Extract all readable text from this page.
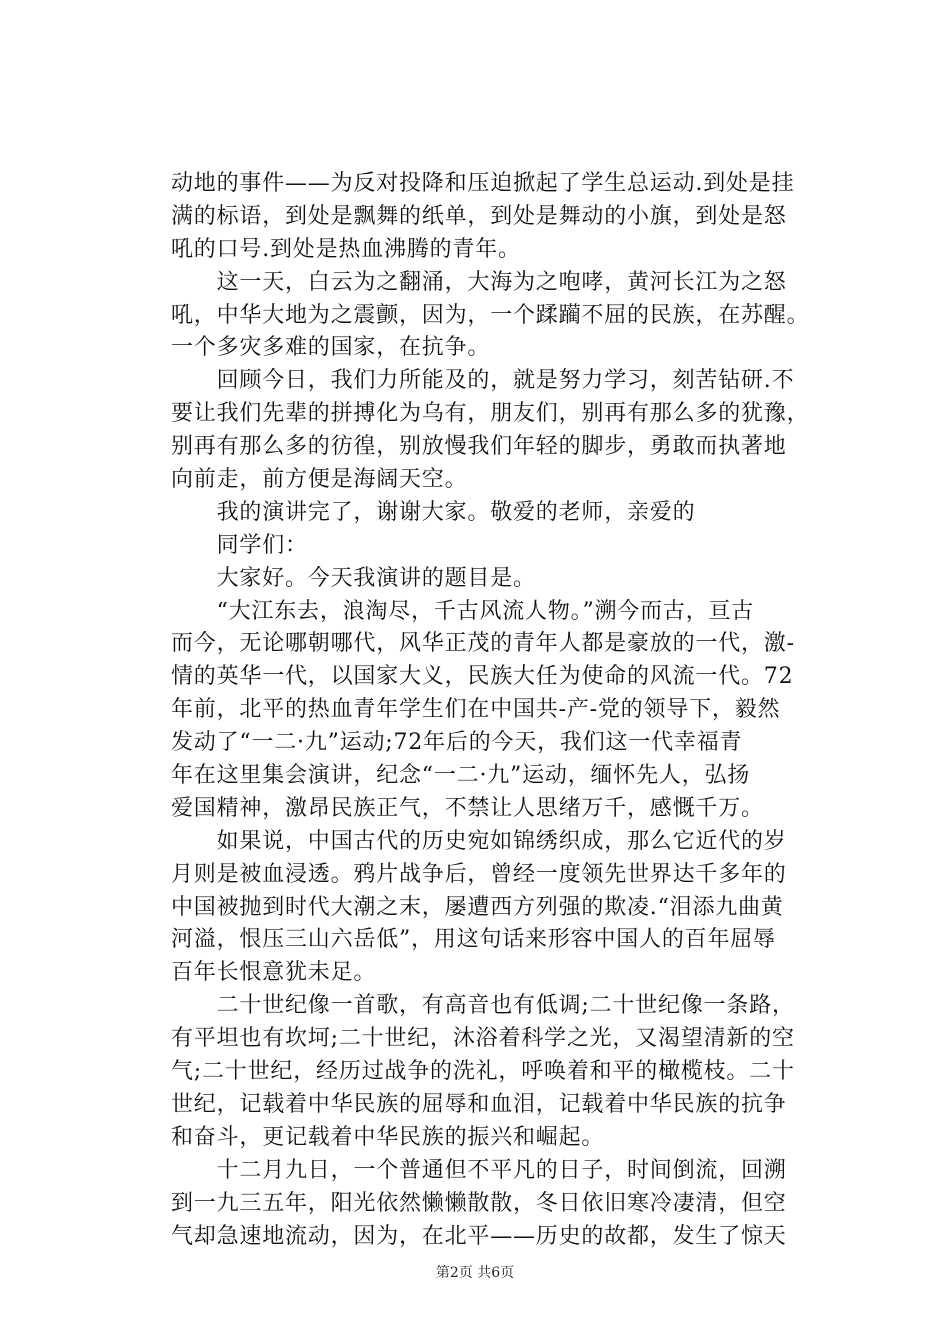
动地的事件——为反对投降和压迫掀起了学生总运动.到处是挂
满的标语，到处是飘舞的纸单，到处是舞动的小旗，到处是怒
吼的口号.到处是热血沸腾的青年。
　　这一天，白云为之翻涌，大海为之咆哮，黄河长江为之怒
吼，中华大地为之震颤，因为，一个蹂躏不屈的民族，在苏醒。
一个多灾多难的国家，在抗争。
　　回顾今日，我们力所能及的，就是努力学习，刻苦钻研.不
要让我们先辈的拼搏化为乌有，朋友们，别再有那么多的犹豫，
别再有那么多的彷徨，别放慢我们年轻的脚步，勇敢而执著地
向前走，前方便是海阔天空。
　　我的演讲完了，谢谢大家。敬爱的老师，亲爱的
　　同学们：
　　大家好。今天我演讲的题目是。
　　“大江东去，浪淘尽，千古风流人物。”溯今而古，亘古
而今，无论哪朝哪代，风华正茂的青年人都是豪放的一代，激-
情的英华一代，以国家大义，民族大任为使命的风流一代。72
年前，北平的热血青年学生们在中国共-产-党的领导下，毅然
发动了“一二·九”运动;72年后的今天，我们这一代幸福青
年在这里集会演讲，纪念“一二·九”运动，缅怀先人，弘扬
爱国精神，激昂民族正气，不禁让人思绪万千，感慨千万。
　　如果说，中国古代的历史宛如锦绣织成，那么它近代的岁
月则是被血浸透。鸦片战争后，曾经一度领先世界达千多年的
中国被抛到时代大潮之末，屡遭西方列强的欺凌.“泪添九曲黄
河溢，恨压三山六岳低”，用这句话来形容中国人的百年屈辱
百年长恨意犹未足。
　　二十世纪像一首歌，有高音也有低调;二十世纪像一条路，
有平坦也有坎坷;二十世纪，沐浴着科学之光，又渴望清新的空
气;二十世纪，经历过战争的洗礼，呼唤着和平的橄榄枝。二十
世纪，记载着中华民族的屈辱和血泪，记载着中华民族的抗争
和奋斗，更记载着中华民族的振兴和崛起。
　　十二月九日，一个普通但不平凡的日子，时间倒流，回溯
到一九三五年，阳光依然懒懒散散，冬日依旧寒冷凄清，但空
气却急速地流动，因为，在北平——历史的故都，发生了惊天
第2页 共6页
